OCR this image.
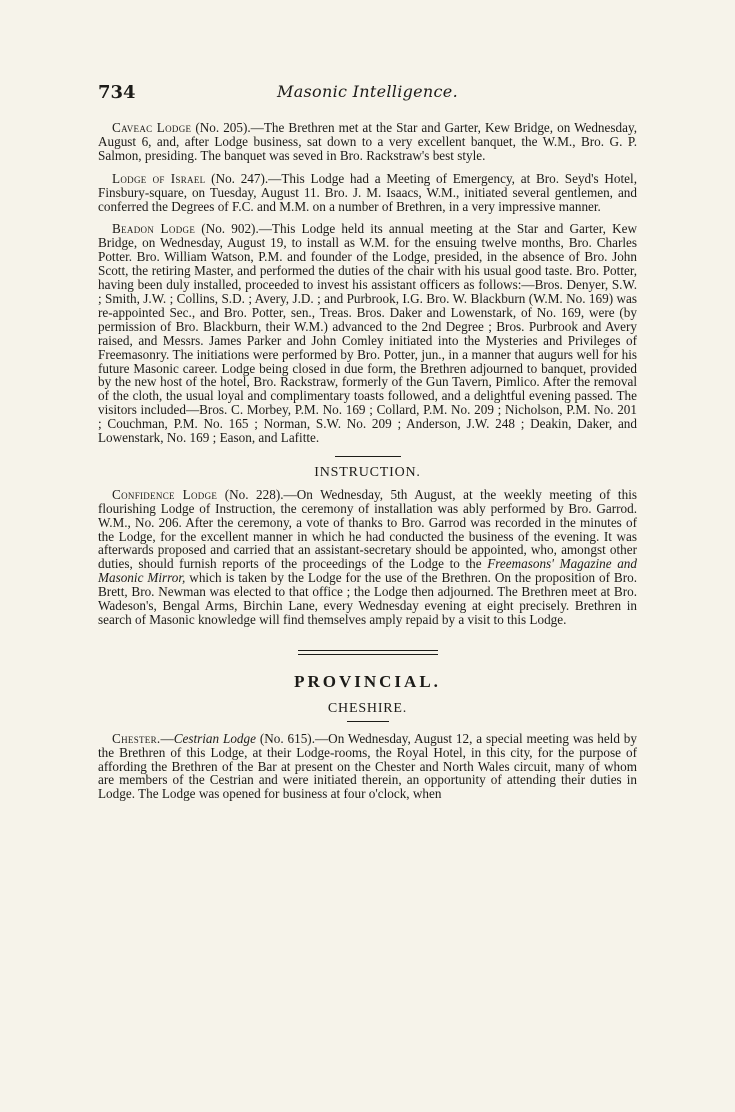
734	Masonic Intelligence.

Caveac Lodge (No. 205).—The Brethren met at the Star and Garter, Kew Bridge, on Wednesday, August 6, and, after Lodge business, sat down to a very excellent banquet, the W.M., Bro. G. P. Salmon, presiding. The banquet was seved in Bro. Rackstraw's best style.

Lodge of Israel (No. 247).—This Lodge had a Meeting of Emergency, at Bro. Seyd's Hotel, Finsbury-square, on Tuesday, August 11. Bro. J. M. Isaacs, W.M., initiated several gentlemen, and conferred the Degrees of F.C. and M.M. on a number of Brethren, in a very impressive manner.

Beadon Lodge (No. 902).—This Lodge held its annual meeting at the Star and Garter, Kew Bridge, on Wednesday, August 19, to install as W.M. for the ensuing twelve months, Bro. Charles Potter. Bro. William Watson, P.M. and founder of the Lodge, presided, in the absence of Bro. John Scott, the retiring Master, and performed the duties of the chair with his usual good taste. Bro. Potter, having been duly installed, proceeded to invest his assistant officers as follows:—Bros. Denyer, S.W. ; Smith, J.W. ; Collins, S.D. ; Avery, J.D. ; and Purbrook, I.G. Bro. W. Blackburn (W.M. No. 169) was re-appointed Sec., and Bro. Potter, sen., Treas. Bros. Daker and Lowenstark, of No. 169, were (by permission of Bro. Blackburn, their W.M.) advanced to the 2nd Degree ; Bros. Purbrook and Avery raised, and Messrs. James Parker and John Comley initiated into the Mysteries and Privileges of Freemasonry. The initiations were performed by Bro. Potter, jun., in a manner that augurs well for his future Masonic career. Lodge being closed in due form, the Brethren adjourned to banquet, provided by the new host of the hotel, Bro. Rackstraw, formerly of the Gun Tavern, Pimlico. After the removal of the cloth, the usual loyal and complimentary toasts followed, and a delightful evening passed. The visitors included—Bros. C. Morbey, P.M. No. 169 ; Collard, P.M. No. 209 ; Nicholson, P.M. No. 201 ; Couchman, P.M. No. 165 ; Norman, S.W. No. 209 ; Anderson, J.W. 248 ; Deakin, Daker, and Lowenstark, No. 169 ; Eason, and Lafitte.

INSTRUCTION.

Confidence Lodge (No. 228).—On Wednesday, 5th August, at the weekly meeting of this flourishing Lodge of Instruction, the ceremony of installation was ably performed by Bro. Garrod. W.M., No. 206. After the ceremony, a vote of thanks to Bro. Garrod was recorded in the minutes of the Lodge, for the excellent manner in which he had conducted the business of the evening. It was afterwards proposed and carried that an assistant-secretary should be appointed, who, amongst other duties, should furnish reports of the proceedings of the Lodge to the Freemasons' Magazine and Masonic Mirror, which is taken by the Lodge for the use of the Brethren. On the proposition of Bro. Brett, Bro. Newman was elected to that office ; the Lodge then adjourned. The Brethren meet at Bro. Wadeson's, Bengal Arms, Birchin Lane, every Wednesday evening at eight precisely. Brethren in search of Masonic knowledge will find themselves amply repaid by a visit to this Lodge.

PROVINCIAL.
CHESHIRE.

Chester.—Cestrian Lodge (No. 615).—On Wednesday, August 12, a special meeting was held by the Brethren of this Lodge, at their Lodge-rooms, the Royal Hotel, in this city, for the purpose of affording the Brethren of the Bar at present on the Chester and North Wales circuit, many of whom are members of the Cestrian and were initiated therein, an opportunity of attending their duties in Lodge. The Lodge was opened for business at four o'clock, when
